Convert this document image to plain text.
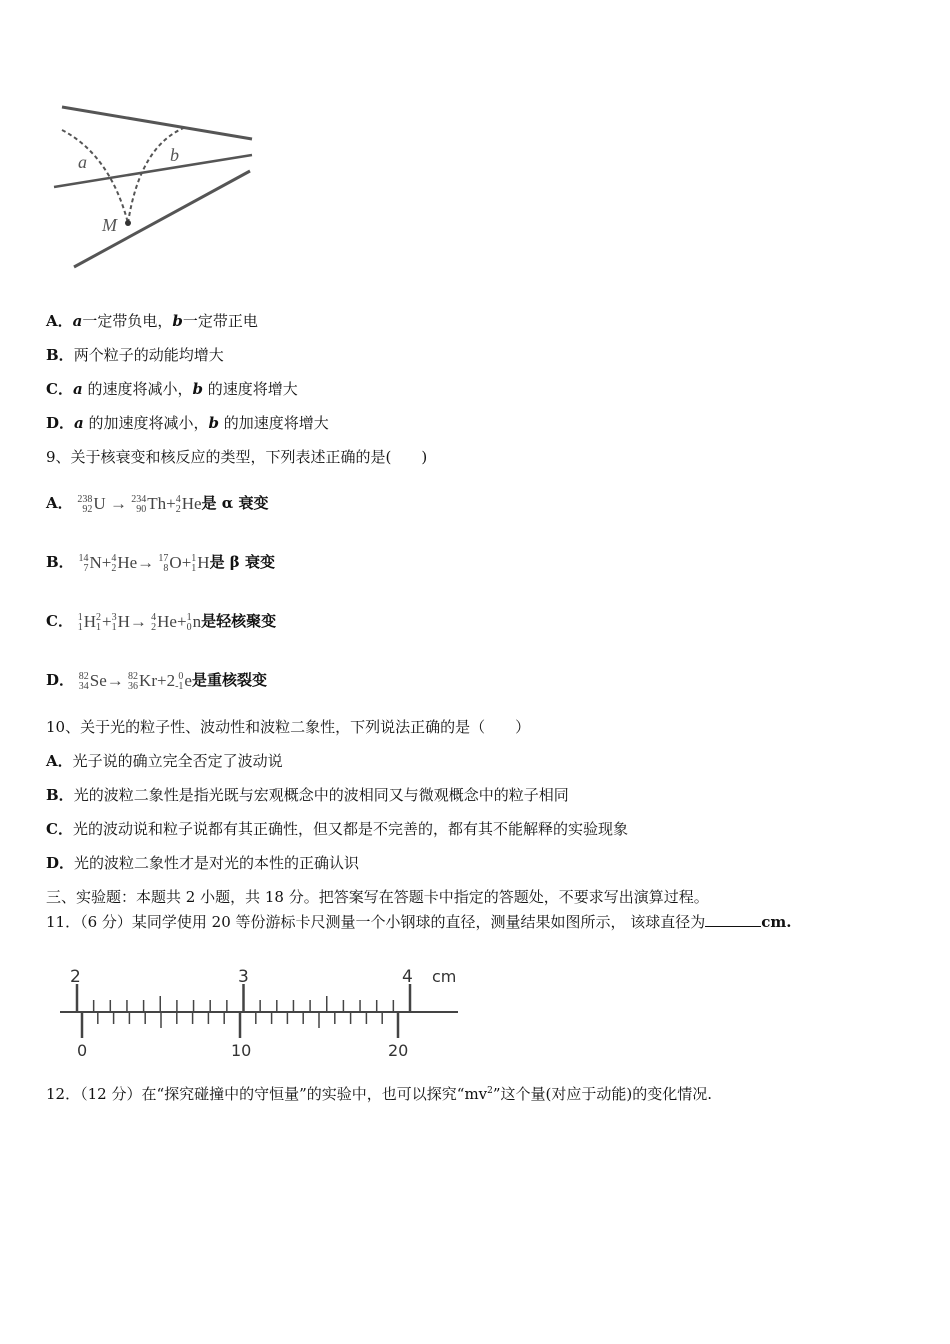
a	b
M
A．a一定带负电，b一定带正电
B．两个粒子的动能均增大
C．a 的速度将减小，b 的速度将增大
D．a 的加速度将减小，b 的加速度将增大
9、关于核衰变和核反应的类型，下列表述正确的是(　　)
A． 238
92 U → 234
90 Th+ 4
2 He是 α 衰变
B． 14
7 N+ 4
2 He→ 17
8 O+ 1
1 H是 β 衰变
C． 1
1 H 2
1 + 3
1 H→ 4
2 He+ 1
0 n是轻核聚变
D． 82
34 Se→ 82
36 Kr+2 0
-1 e是重核裂变
10、关于光的粒子性、波动性和波粒二象性，下列说法正确的是（　　）
A．光子说的确立完全否定了波动说
B．光的波粒二象性是指光既与宏观概念中的波相同又与微观概念中的粒子相同
C．光的波动说和粒子说都有其正确性，但又都是不完善的，都有其不能解释的实验现象
D．光的波粒二象性才是对光的本性的正确认识
三、实验题：本题共 2 小题，共 18 分。把答案写在答题卡中指定的答题处，不要求写出演算过程。
11．（6 分）某同学使用 20 等份游标卡尺测量一个小钢球的直径，测量结果如图所示， 该球直径为	cm.
2	3	4 cm
0	10	20
12．（12 分）在“探究碰撞中的守恒量”的实验中，也可以探究“$mv^2$”这个量(对应于动能)的变化情况.
